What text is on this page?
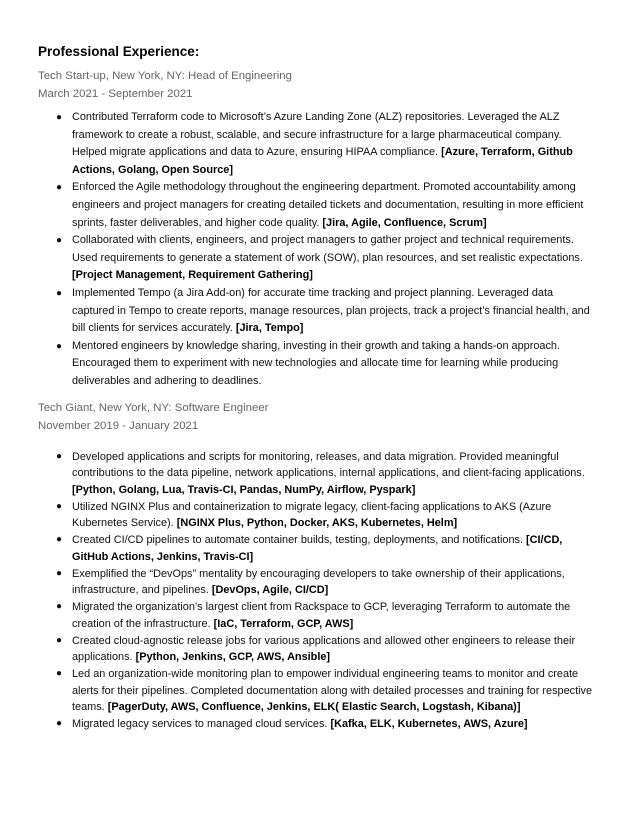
Professional Experience:
Tech Start-up, New York, NY: Head of Engineering
March 2021 - September 2021
● Contributed Terraform code to Microsoft’s Azure Landing Zone (ALZ) repositories. Leveraged the ALZ framework to create a robust, scalable, and secure infrastructure for a large pharmaceutical company. Helped migrate applications and data to Azure, ensuring HIPAA compliance. [Azure, Terraform, Github Actions, Golang, Open Source]
● Enforced the Agile methodology throughout the engineering department. Promoted accountability among engineers and project managers for creating detailed tickets and documentation, resulting in more efficient sprints, faster deliverables, and higher code quality. [Jira, Agile, Confluence, Scrum]
● Collaborated with clients, engineers, and project managers to gather project and technical requirements. Used requirements to generate a statement of work (SOW), plan resources, and set realistic expectations. [Project Management, Requirement Gathering]
● Implemented Tempo (a Jira Add-on) for accurate time tracking and project planning. Leveraged data captured in Tempo to create reports, manage resources, plan projects, track a project’s financial health, and bill clients for services accurately. [Jira, Tempo]
● Mentored engineers by knowledge sharing, investing in their growth and taking a hands-on approach. Encouraged them to experiment with new technologies and allocate time for learning while producing deliverables and adhering to deadlines.
Tech Giant, New York, NY: Software Engineer
November 2019 - January 2021
● Developed applications and scripts for monitoring, releases, and data migration. Provided meaningful contributions to the data pipeline, network applications, internal applications, and client-facing applications. [Python, Golang, Lua, Travis-CI, Pandas, NumPy, Airflow, Pyspark]
● Utilized NGINX Plus and containerization to migrate legacy, client-facing applications to AKS (Azure Kubernetes Service). [NGINX Plus, Python, Docker, AKS, Kubernetes, Helm]
● Created CI/CD pipelines to automate container builds, testing, deployments, and notifications. [CI/CD, GitHub Actions, Jenkins, Travis-CI]
● Exemplified the “DevOps” mentality by encouraging developers to take ownership of their applications, infrastructure, and pipelines. [DevOps, Agile, CI/CD]
● Migrated the organization’s largest client from Rackspace to GCP, leveraging Terraform to automate the creation of the infrastructure. [IaC, Terraform, GCP, AWS]
● Created cloud-agnostic release jobs for various applications and allowed other engineers to release their applications. [Python, Jenkins, GCP, AWS, Ansible]
● Led an organization-wide monitoring plan to empower individual engineering teams to monitor and create alerts for their pipelines. Completed documentation along with detailed processes and training for respective teams. [PagerDuty, AWS, Confluence, Jenkins, ELK( Elastic Search, Logstash, Kibana)]
● Migrated legacy services to managed cloud services. [Kafka, ELK, Kubernetes, AWS, Azure]
